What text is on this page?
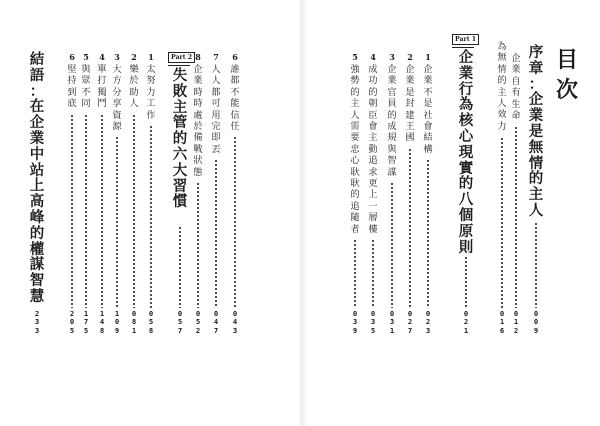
目
次
序
章
：
企
業
是
無
情
的
主
人
0
0
9
企
業
自
有
生
命
0
1
2
為
無
情
的
主
人
效
力
0
1
6
Part 1
企
業
行
為
核
心
現
實
的
八
個
原
則
0
2
1
Part 2
失
敗
主
管
的
六
大
習
慣
0
5
7
結
語
：
在
企
業
中
站
上
高
峰
的
權
謀
智
慧
2
3
3
1
企
業
不
是
社
會
結
構
0
2
3
2
企
業
是
封
建
王
國
0
2
7
3
企
業
官
員
的
成
規
與
智
謀
0
3
1
4
成
功
的
朝
臣
會
主
動
追
求
更
上
一
層
樓
0
3
5
5
強
勢
的
主
人
需
要
忠
心
耿
耿
的
追
隨
者
0
3
9
6
誰
都
不
能
信
任
0
4
3
7
人
人
都
可
用
完
即
丟
0
4
7
8
企
業
時
時
處
於
備
戰
狀
態
0
5
2
1
太
努
力
工
作
0
5
8
2
樂
於
助
人
0
8
1
3
大
方
分
享
資
源
1
0
9
4
單
打
獨
鬥
1
4
8
5
與
眾
不
同
1
7
5
6
堅
持
到
底
2
0
5
